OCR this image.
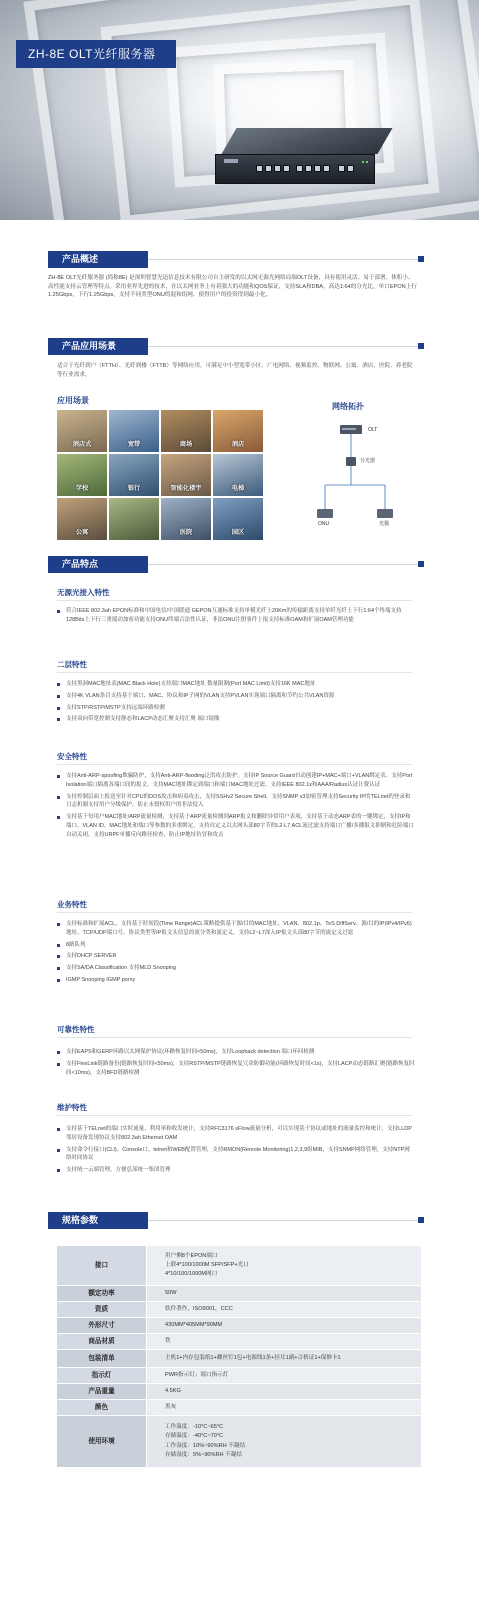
ZH-8E OLT光纤服务器
产品概述

ZH-8E OLT光纤服务器 (简称8E) 是深圳智慧光迅信息技术有限公司自主研发的以太网无源光网络局端OLT设备，具有使用灵活、易于部署、体积小、高性能支持云管理等特点。采用业界先进的技术，在以太网业务上有着强大的功能和QOS保证，支持SLA和DBA。高达1:64的分光比，单口EPON上行1.25Gbps，下行1.25Gbps，支持不同类型ONU的混和组网，使得用户的投资得到最小化。

产品应用场景

适合于光纤到户（FTTH）、光纤到楼（FTTB）等网络应用，可满足中小型宽带小区、广电网络、视频监控、物联网、公寓、酒店、医院、养老院等行业需求。

应用场景
酒店式	宽带	商场	酒店
学校	银行	智能化楼宇	电梯
公寓	医院	园区
网络拓扑
OLT
分光器
ONU	光猫
产品特点
无源光接入特性
符合IEEE 802.3ah EPON标准和中国电信/中国联通 GEPON互通标准支持单模光纤上20Km的传输距离支持单纤光纤上下行1:64个终端支持128Bits上下行三重搅动加密功能支持ONU终端合法性认证，非法ONU注册事件上报支持标准OAM和扩展OAM管理功能
二层特性
支持黑洞MAC地址表(MAC Black Hole)支持端口MAC地址 数量限制(Port MAC Limit)支持16K MAC地址
支持4K VLAN条目支持基于端口、MAC、协议和IP子网的VLAN支持PVLAN实现端口隔离和节约公共VLAN资源
支持STP/RSTP/MSTP支持远端环路检测
支持双向带宽控制支持静态和LACP动态汇聚支持汇聚 端口镜像
安全特性
支持Anti-ARP-spoofing欺骗防护，支持Anti-ARP-flooding泛洪攻击防护。支持IP Source Guard自动创建IP+MAC+端口+VLAN绑定表。支持Port Isolation端口隔离各端口间的报文。支持MAC地址绑定到端口和端口MAC地址过滤。支持IEEE 802.1x和AAA/Radius认证计费认证
支持控制层面上报送至针对CPU的DOS攻击和病毒攻击，支持SSHv2 Secure Shell，支持SNMP v3加密管理支持Security IP的TELnet的登录和日志机制支持用户分级保护，防止未授权用户的非法侵入
支持基于每用户MAC地址/ARP流量检测，支持基于ARP流量检测到ARP报文和删除异常用户表项，支持基于动态ARP表的一键绑定，支持IP和端口、VLAN ID、MAC地址和端口等参数的多重绑定，支持自定义以太网头部80字节的L2-L7 ACL流过滤支持端口广播/多播报文抑制和危险端口自动关闭，支持URPF单播反向路径检查，防止IP地址仿冒和攻击
业务特性
支持标准和扩展ACL，支持基于时间段(Time Range)ACL策略提供基于源/目的MAC地址、VLAN、802.1p、ToS DiffServ、源/目的IP(IPv4/IPv6)地址、TCP/UDP端口号、协议类型等IP报文头信息的流分类和流定义，支持L2~L7深入IP报文头部80字节的流定义过滤
8路队列
支持DHCP SERVER
支持SA/DA Classification 支持MLD Snooping
IGMP Snooping IGMP porxy
可靠性特性
支持EAPS和GERP环路以太网保护协议(环路恢复时间<50ms)，支持Loopback detection 端口环回检测
支持FlexLink链路备份(链路恢复时间<50ms)，支持RSTP/MSTP链路恢复冗余防御功能(环路恢复时间<1s)，支持LACP动态链路汇聚(链路恢复时间<10ms)，支持BFD链路检测
维护特性
支持基于TELnet的端口实时流量、利用率和收发统计，支持RFC3176 sFlow流量分析，可以实现基于协议或地址的流量监控和统计，支持LLDP邻居设备发现协议支持802.3ah Ethernet OAM
支持命令行接口(CLI)、Console口、telnet和WEB配置管理，支持RMON(Remote Monitoring)1,2,3,9组MIB，支持SNMP网络管理，支持NTP网络时间协议
支持统一云端管理，方便总部统一集团管理
规格参数
接口	用户侧8个EPON端口
上联4*100/1000M SFP/SFP+光口
4*10/100/1000M网口

额定功率	50W

资质	软件著作，ISO9001，CCC

外形尺寸	430MM*405MM*90MM

商品材质	铁

包装清单	主机1+内存包装纸1+螺丝钉1包+电源线1条+挂耳1副+合格证1+保修卡1

指示灯	PWR指示灯；端口指示灯

产品重量	4.5KG

颜色	黑灰

使用环境	工作温度：-10°C~65°C
存储温度：-40°C~70°C
工作湿度：10%~90%RH 不凝结
存储湿度：5%~90%RH 不凝结
